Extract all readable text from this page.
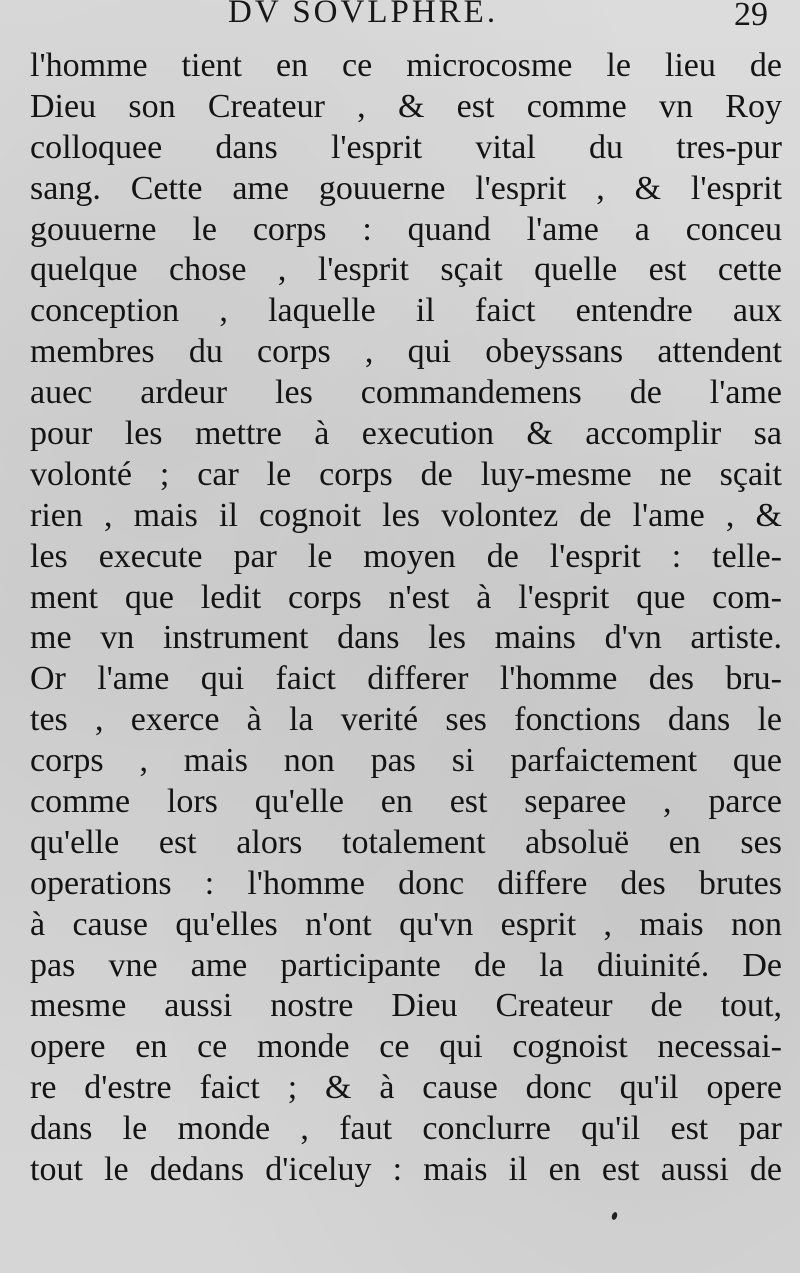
DV SOVLPHRE.	29
l'homme tient en ce microcosme le lieu de
Dieu son Createur , & est comme vn Roy
colloquee dans l'esprit vital du tres-pur
sang. Cette ame gouuerne l'esprit , & l'esprit
gouuerne le corps : quand l'ame a conceu
quelque chose , l'esprit sçait quelle est cette
conception , laquelle il faict entendre aux
membres du corps , qui obeyssans attendent
auec ardeur les commandemens de l'ame
pour les mettre à execution & accomplir sa
volonté ; car le corps de luy-mesme ne sçait
rien , mais il cognoit les volontez de l'ame , &
les execute par le moyen de l'esprit : telle-
ment que ledit corps n'est à l'esprit que com-
me vn instrument dans les mains d'vn artiste.
Or l'ame qui faict differer l'homme des bru-
tes , exerce à la verité ses fonctions dans le
corps , mais non pas si parfaictement que
comme lors qu'elle en est separee , parce
qu'elle est alors totalement absoluë en ses
operations : l'homme donc differe des brutes
à cause qu'elles n'ont qu'vn esprit , mais non
pas vne ame participante de la diuinité. De
mesme aussi nostre Dieu Createur de tout,
opere en ce monde ce qui cognoist necessai-
re d'estre faict ; & à cause donc qu'il opere
dans le monde , faut conclurre qu'il est par
tout le dedans d'iceluy : mais il en est aussi de
